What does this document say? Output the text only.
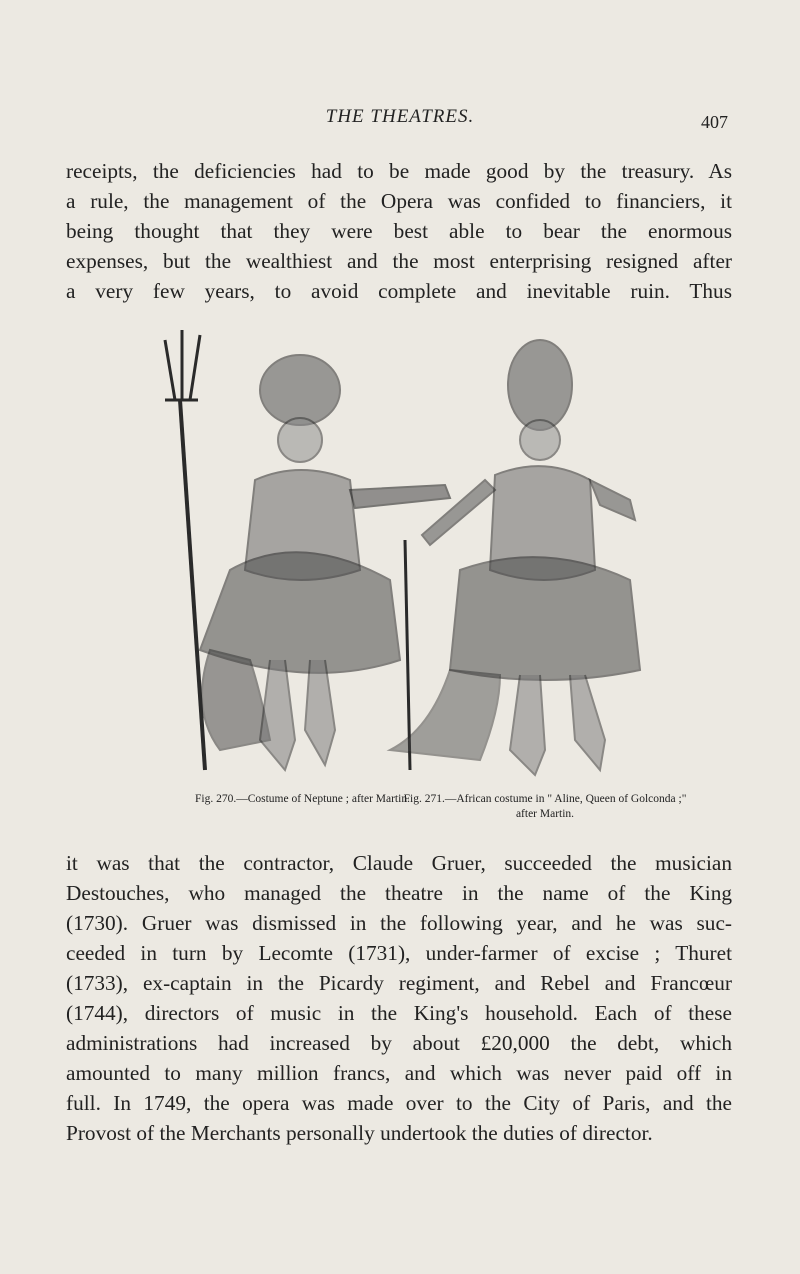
THE THEATRES.	407
receipts, the deficiencies had to be made good by the treasury. As
a rule, the management of the Opera was confided to financiers, it
being thought that they were best able to bear the enormous
expenses, but the wealthiest and the most enterprising resigned after
a very few years, to avoid complete and inevitable ruin. Thus
Fig. 270.—Costume of Neptune ; after Martin.
Fig. 271.—African costume in " Aline, Queen of Golconda ;"
after Martin.
it was that the contractor, Claude Gruer, succeeded the musician
Destouches, who managed the theatre in the name of the King
(1730). Gruer was dismissed in the following year, and he was suc-
ceeded in turn by Lecomte (1731), under-farmer of excise ; Thuret
(1733), ex-captain in the Picardy regiment, and Rebel and Francœur
(1744), directors of music in the King's household. Each of these
administrations had increased by about £20,000 the debt, which
amounted to many million francs, and which was never paid off in
full. In 1749, the opera was made over to the City of Paris, and the
Provost of the Merchants personally undertook the duties of director.
